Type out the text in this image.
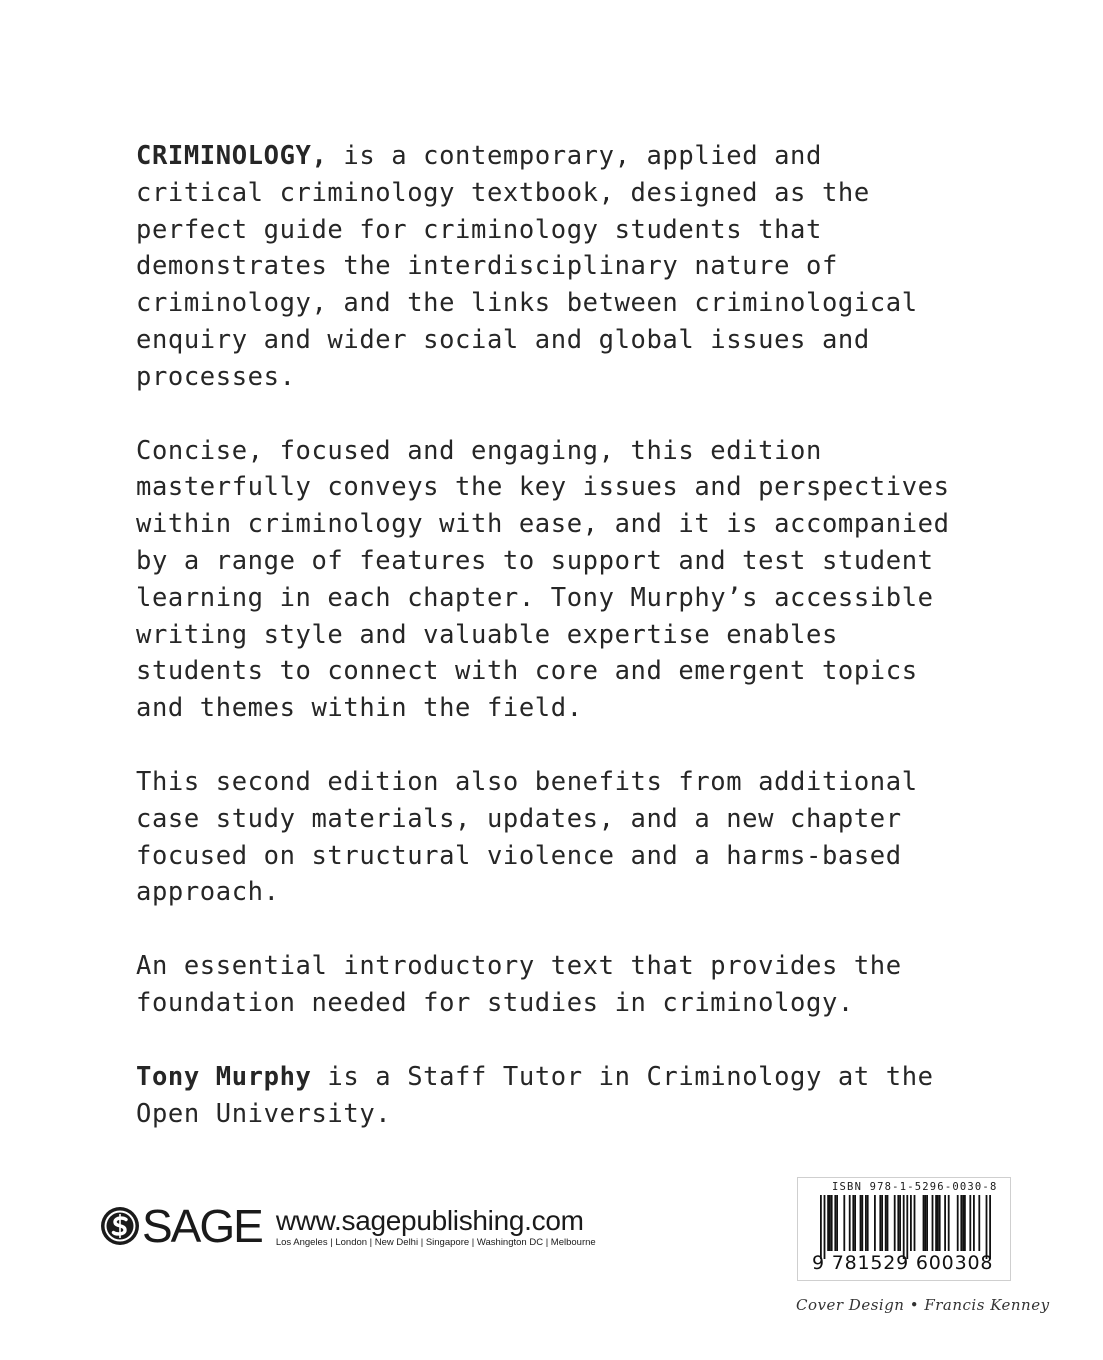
CRIMINOLOGY, is a contemporary, applied and
critical criminology textbook, designed as the
perfect guide for criminology students that
demonstrates the interdisciplinary nature of
criminology, and the links between criminological
enquiry and wider social and global issues and
processes.

Concise, focused and engaging, this edition
masterfully conveys the key issues and perspectives
within criminology with ease, and it is accompanied
by a range of features to support and test student
learning in each chapter. Tony Murphy’s accessible
writing style and valuable expertise enables
students to connect with core and emergent topics
and themes within the field.

This second edition also benefits from additional
case study materials, updates, and a new chapter
focused on structural violence and a harms-based
approach.

An essential introductory text that provides the
foundation needed for studies in criminology.

Tony Murphy is a Staff Tutor in Criminology at the
Open University.

SAGE www.sagepublishing.com
Los Angeles | London | New Delhi | Singapore | Washington DC | Melbourne
ISBN 978-1-5296-0030-8
9 781529 600308
Cover Design • Francis Kenney
